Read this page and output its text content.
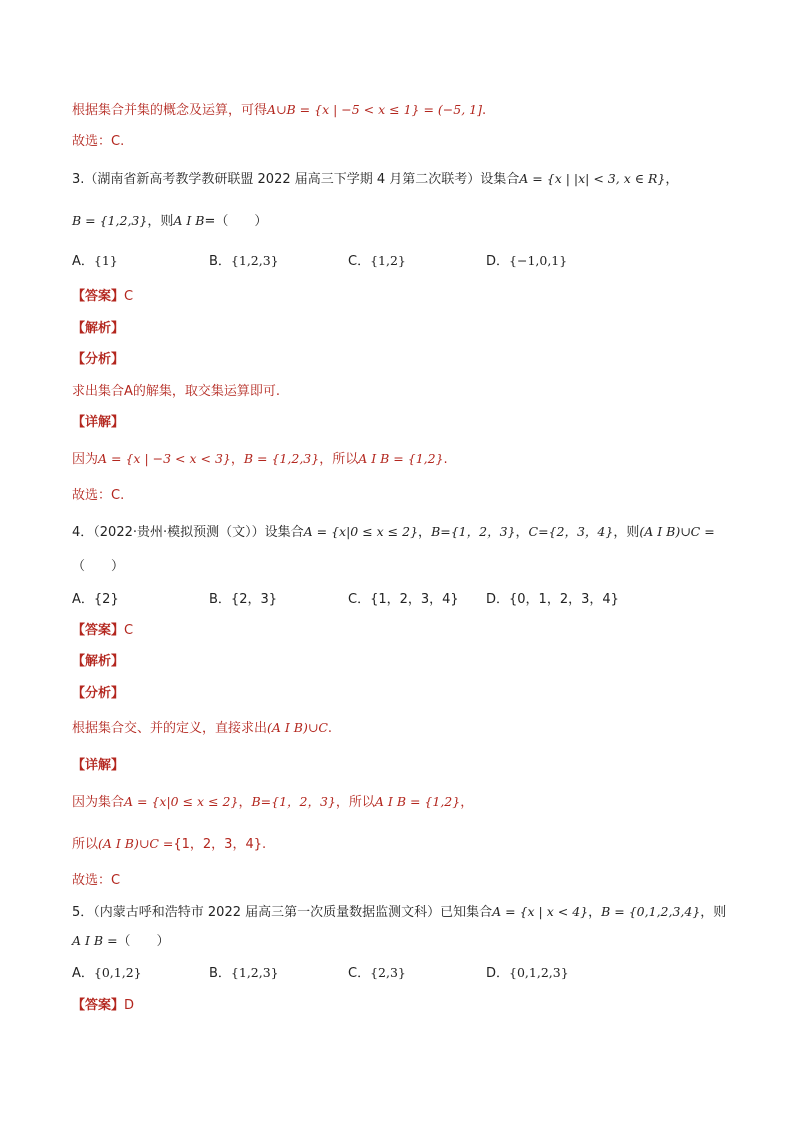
根据集合并集的概念及运算，可得A∪B = {x | −5 < x ≤ 1} = (−5, 1].
故选：C.
3.（湖南省新高考教学教研联盟 2022 届高三下学期 4 月第二次联考）设集合A = {x | |x| < 3, x ∈ R}，
B = {1,2,3}，则A I B=（　　）
A．{1}	B．{1,2,3}	C．{1,2}	D．{−1,0,1}
【答案】C
【解析】
【分析】
求出集合A的解集，取交集运算即可.
【详解】
因为A = {x | −3 < x < 3}，B = {1,2,3}，所以A I B = {1,2}.
故选：C.
4．（2022·贵州·模拟预测（文））设集合A = {x|0 ≤ x ≤ 2}，B={1，2，3}，C={2，3，4}，则(A I B)∪C =
（　　）
A．{2}	B．{2，3}	C．{1，2，3，4} D．{0，1，2，3，4}
【答案】C
【解析】
【分析】
根据集合交、并的定义，直接求出(A I B)∪C.
【详解】
因为集合A = {x|0 ≤ x ≤ 2}，B={1，2，3}，所以A I B = {1,2}，
所以(A I B)∪C ={1，2，3，4}.
故选：C
5．（内蒙古呼和浩特市 2022 届高三第一次质量数据监测文科）已知集合A = {x | x < 4}，B = {0,1,2,3,4}，则
A I B =（　　）
A．{0,1,2}	B．{1,2,3}	C．{2,3}	D．{0,1,2,3}
【答案】D
